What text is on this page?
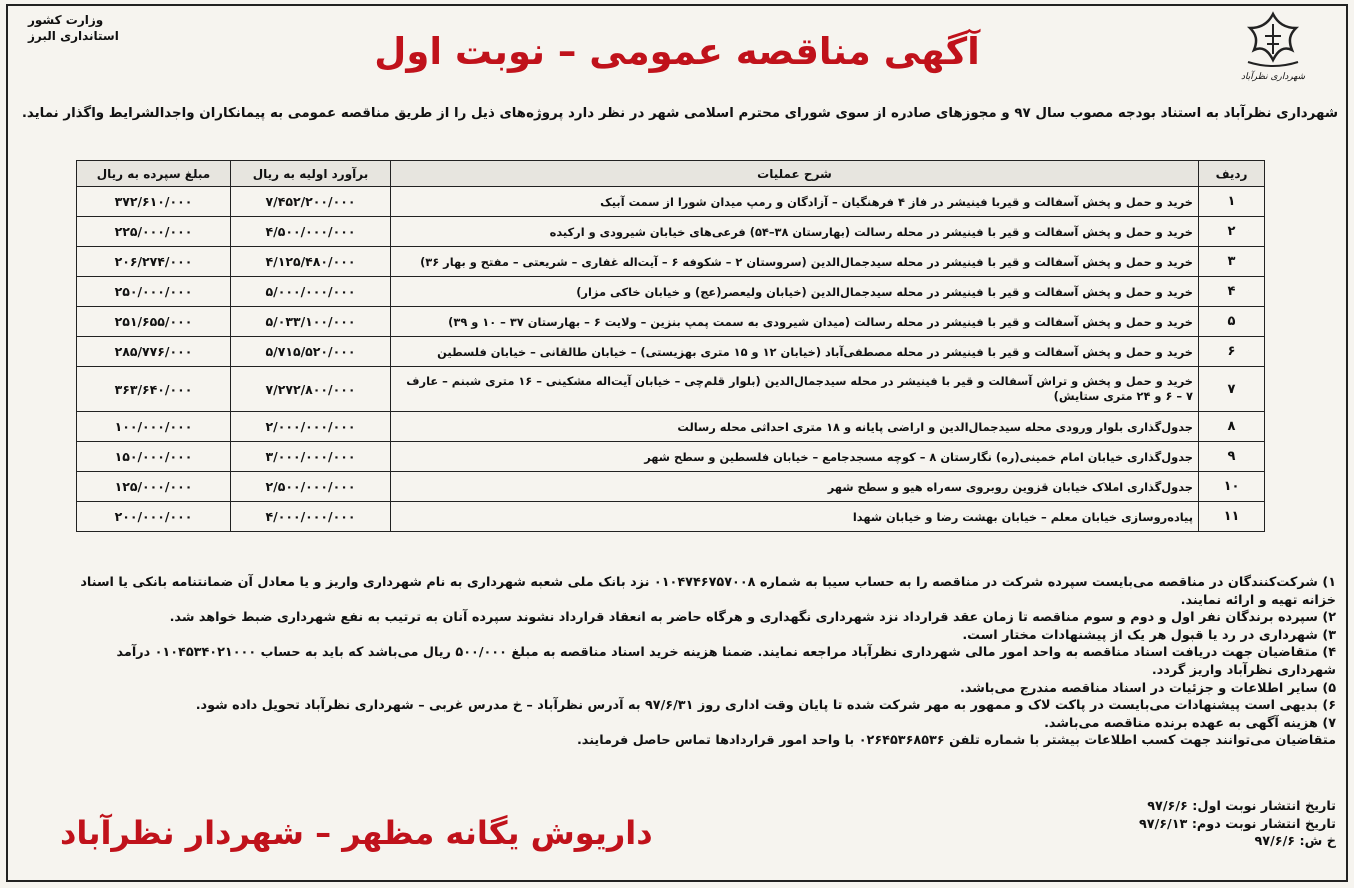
وزارت کشور
استانداری البرز
شهرداری نظرآباد
آگهی مناقصه عمومی – نوبت اول
شهرداری نظرآباد به استناد بودجه مصوب سال ۹۷ و مجوزهای صادره از سوی شورای محترم اسلامی شهر در نظر دارد پروژه‌های ذیل را از طریق مناقصه عمومی به پیمانکاران واجدالشرایط واگذار نماید.
ردیف	شرح عملیات	برآورد اولیه به ریال	مبلغ سپرده به ریال
۱	خرید و حمل و پخش آسفالت و قیربا فینیشر در فاز ۴ فرهنگیان – آزادگان و رمپ میدان شورا از سمت آبیک	۷/۴۵۲/۲۰۰/۰۰۰	۳۷۲/۶۱۰/۰۰۰
۲	خرید و حمل و پخش آسفالت و قیر با فینیشر در محله رسالت (بهارستان ۳۸–۵۴) فرعی‌های خیابان شیرودی و ارکیده	۴/۵۰۰/۰۰۰/۰۰۰	۲۲۵/۰۰۰/۰۰۰
۳	خرید و حمل و پخش آسفالت و قیر با فینیشر در محله سیدجمال‌الدین (سروستان ۲ – شکوفه ۶ – آیت‌اله غفاری – شریعتی – مفتح و بهار ۳۶)	۴/۱۲۵/۴۸۰/۰۰۰	۲۰۶/۲۷۴/۰۰۰
۴	خرید و حمل و پخش آسفالت و قیر با فینیشر در محله سیدجمال‌الدین (خیابان ولیعصر(عج) و خیابان خاکی مزار)	۵/۰۰۰/۰۰۰/۰۰۰	۲۵۰/۰۰۰/۰۰۰
۵	خرید و حمل و پخش آسفالت و قیر با فینیشر در محله رسالت (میدان شیرودی به سمت پمپ بنزین – ولایت ۶ – بهارستان ۳۷ – ۱۰ و ۳۹)	۵/۰۳۳/۱۰۰/۰۰۰	۲۵۱/۶۵۵/۰۰۰
۶	خرید و حمل و پخش آسفالت و قیر با فینیشر در محله مصطفی‌آباد (خیابان ۱۲ و ۱۵ متری بهزیستی) – خیابان طالقانی – خیابان فلسطین	۵/۷۱۵/۵۲۰/۰۰۰	۲۸۵/۷۷۶/۰۰۰
۷	خرید و حمل و پخش و تراش آسفالت و قیر با فینیشر در محله سیدجمال‌الدین (بلوار قلم‌چی – خیابان آیت‌اله مشکینی – ۱۶ متری شبنم – عارف ۷ – ۶ و ۲۴ متری ستایش)	۷/۲۷۲/۸۰۰/۰۰۰	۳۶۳/۶۴۰/۰۰۰
۸	جدول‌گذاری بلوار ورودی محله سیدجمال‌الدین و اراضی پایانه و ۱۸ متری احداثی محله رسالت	۲/۰۰۰/۰۰۰/۰۰۰	۱۰۰/۰۰۰/۰۰۰
۹	جدول‌گذاری خیابان امام خمینی(ره) نگارستان ۸ – کوچه مسجدجامع – خیابان فلسطین و سطح شهر	۳/۰۰۰/۰۰۰/۰۰۰	۱۵۰/۰۰۰/۰۰۰
۱۰	جدول‌گذاری املاک خیابان قزوین روبروی سه‌راه هیو و سطح شهر	۲/۵۰۰/۰۰۰/۰۰۰	۱۲۵/۰۰۰/۰۰۰
۱۱	پیاده‌روسازی خیابان معلم – خیابان بهشت رضا و خیابان شهدا	۴/۰۰۰/۰۰۰/۰۰۰	۲۰۰/۰۰۰/۰۰۰

۱) شرکت‌کنندگان در مناقصه می‌بایست سپرده شرکت در مناقصه را به حساب سیبا به شماره ۰۱۰۴۷۴۶۷۵۷۰۰۸ نزد بانک ملی شعبه شهرداری به نام شهرداری واریز و یا معادل آن ضمانتنامه بانکی یا اسناد خزانه تهیه و ارائه نمایند.

۲) سپرده برندگان نفر اول و دوم و سوم مناقصه تا زمان عقد قرارداد نزد شهرداری نگهداری و هرگاه حاضر به انعقاد قرارداد نشوند سپرده آنان به ترتیب به نفع شهرداری ضبط خواهد شد.

۳) شهرداری در رد یا قبول هر یک از پیشنهادات مختار است.

۴) متقاضیان جهت دریافت اسناد مناقصه به واحد امور مالی شهرداری نظرآباد مراجعه نمایند. ضمنا هزینه خرید اسناد مناقصه به مبلغ ۵۰۰/۰۰۰ ریال می‌باشد که باید به حساب ۰۱۰۴۵۳۴۰۲۱۰۰۰ درآمد شهرداری نظرآباد واریز گردد.

۵) سایر اطلاعات و جزئیات در اسناد مناقصه مندرج می‌باشد.

۶) بدیهی است پیشنهادات می‌بایست در پاکت لاک و ممهور به مهر شرکت شده تا پایان وقت اداری روز ۹۷/۶/۳۱ به آدرس نظرآباد – خ مدرس غربی – شهرداری نظرآباد تحویل داده شود.

۷) هزینه آگهی به عهده برنده مناقصه می‌باشد.

متقاضیان می‌توانند جهت کسب اطلاعات بیشتر با شماره تلفن ۰۲۶۴۵۳۶۸۵۳۶ با واحد امور قراردادها تماس حاصل فرمایند.

تاریخ انتشار نوبت اول: ۹۷/۶/۶

تاریخ انتشار نوبت دوم: ۹۷/۶/۱۳

خ ش: ۹۷/۶/۶

داریوش یگانه مظهر – شهردار نظرآباد
